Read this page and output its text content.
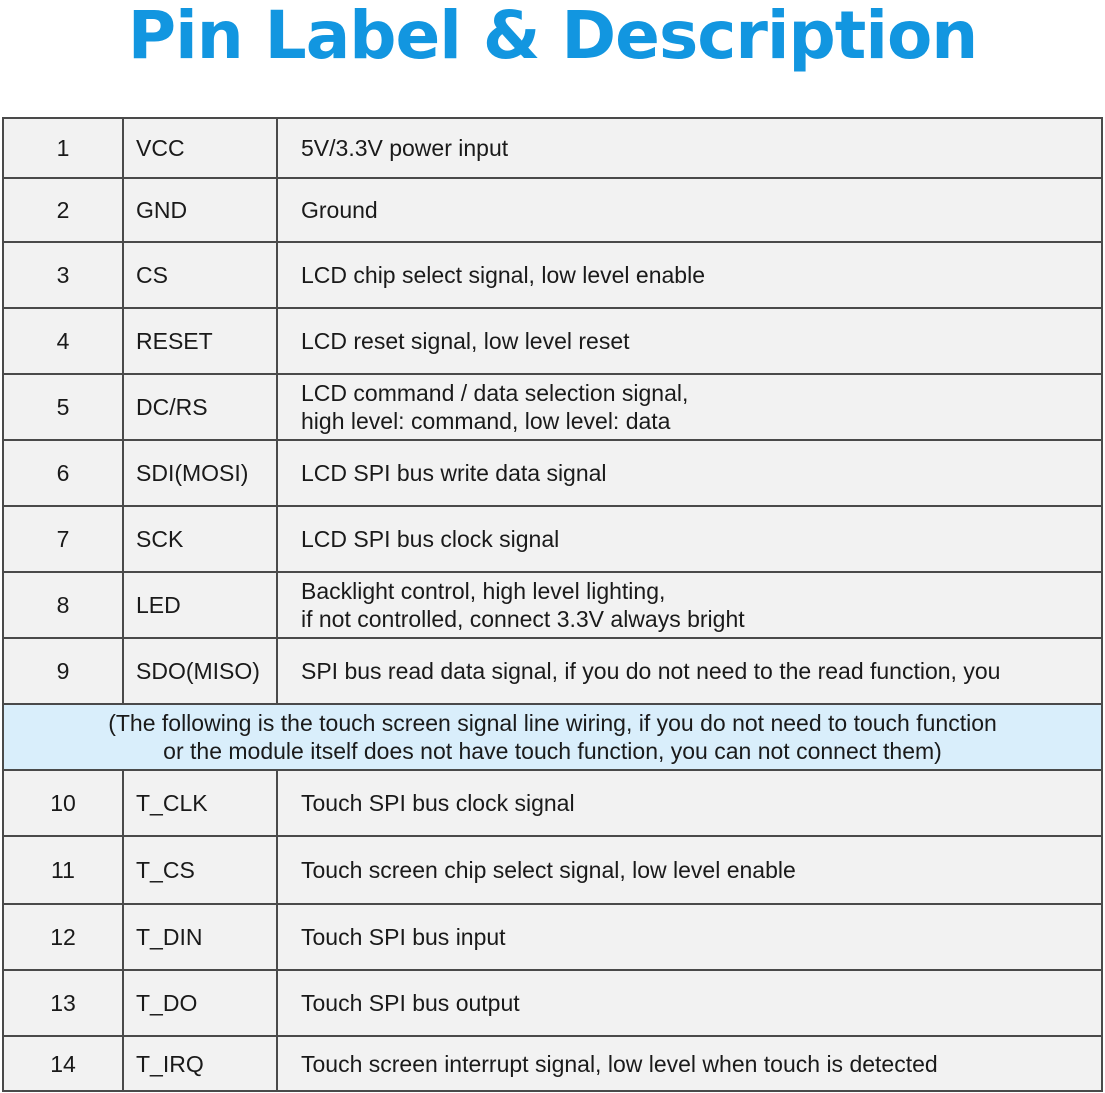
Pin Label & Description
1	VCC	5V/3.3V power input

2	GND	Ground

3	CS	LCD chip select signal, low level enable

4	RESET	LCD reset signal, low level reset

5	DC/RS	LCD command / data selection signal,
high level: command, low level: data

6	SDI(MOSI)	LCD SPI bus write data signal

7	SCK	LCD SPI bus clock signal

8	LED	Backlight control, high level lighting,
if not controlled, connect 3.3V always bright

9	SDO(MISO)	SPI bus read data signal, if you do not need to the read function, you

(The following is the touch screen signal line wiring, if you do not need to touch function
or the module itself does not have touch function, you can not connect them)		

10	T_CLK	Touch SPI bus clock signal

11	T_CS	Touch screen chip select signal, low level enable

12	T_DIN	Touch SPI bus input

13	T_DO	Touch SPI bus output

14	T_IRQ	Touch screen interrupt signal, low level when touch is detected
